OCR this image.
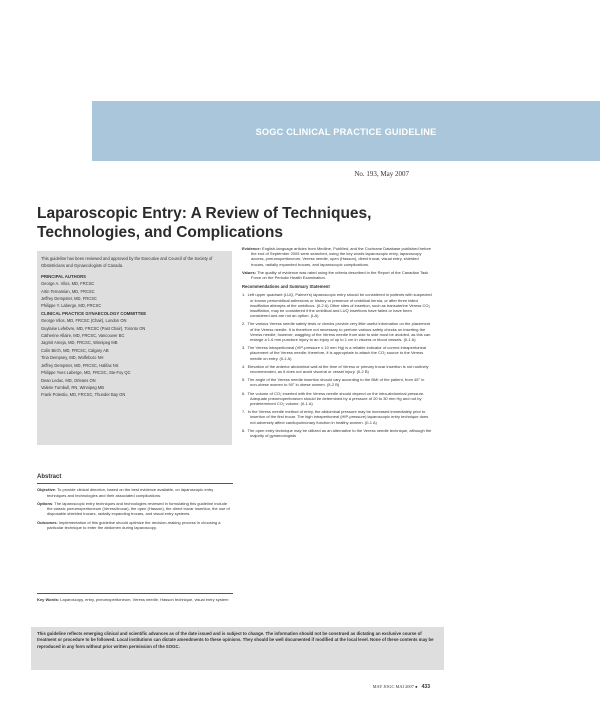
SOGC CLINICAL PRACTICE GUIDELINE
No. 193, May 2007
Laparoscopic Entry: A Review of Techniques, Technologies, and Complications
This guideline has been reviewed and approved by the Executive and Council of the Society of Obstetricians and Gynaecologists of Canada.
PRINCIPAL AUTHORS
George A. Vilos, MD, FRCSC
Artin Ternamian, MD, FRCSC
Jeffrey Dempster, MD, FRCSC
Philippe Y. Laberge, MD, FRCSC
CLINICAL PRACTICE GYNAECOLOGY COMMITTEE
George Vilos, MD, FRCSC (Chair), London ON
Guylaine Lefebvre, MD, FRCSC (Past Chair), Toronto ON
Catherine Allaire, MD, FRCSC, Vancouver BC
Jagmit Arneja, MD, FRCSC, Winnipeg MB
Colin Birch, MD, FRCSC, Calgary AB
Tina Dempsey, MD, Wolfeboro NH
Jeffrey Dempster, MD, FRCSC, Halifax NS
Philippe Yves Laberge, MD, FRCSC, Ste-Foy QC
Dean Leduc, MD, Orleans ON
Valerie Turnbull, RN, Winnipeg MB
Frank Potestio, MD, FRCSC, Thunder Bay ON
Abstract
Objective: To provide clinical direction, based on the best evidence available, on laparoscopic entry techniques and technologies and their associated complications.
Options: The laparoscopic entry techniques and technologies reviewed in formulating this guideline include the classic pneumoperitoneum (Veress/trocar), the open (Hasson), the direct trocar insertion, the use of disposable shielded trocars, radially expanding trocars, and visual entry systems.
Outcomes: Implementation of this guideline should optimize the decision-making process in choosing a particular technique to enter the abdomen during laparoscopy.
Key Words: Laparoscopy, entry, pneumoperitoneum, Veress needle, Hasson technique, visual entry system
Evidence: English-language articles from Medline, PubMed, and the Cochrane Database published before the end of September 2005 were searched, using the key words laparoscopic entry, laparoscopy access, pneumoperitoneum, Veress needle, open (Hasson), direct trocar, visual entry, shielded trocars, radially expanded trocars, and laparoscopic complications.
Values: The quality of evidence was rated using the criteria described in the Report of the Canadian Task Force on the Periodic Health Examination.
Recommendations and Summary Statement
1.  Left upper quadrant (LUQ, Palmer's) laparoscopic entry should be considered in patients with suspected or known periumbilical adhesions or history or presence of umbilical hernia, or after three failed insufflation attempts at the umbilicus. (II-2 A) Other sites of insertion, such as transuterine Veress CO₂ insufflation, may be considered if the umbilical and LUQ insertions have failed or have been considered and are not an option. (I-A)
2.  The various Veress needle safety tests or checks provide very little useful information on the placement of the Veress needle. It is therefore not necessary to perform various safety checks on inserting the Veress needle; however, waggling of the Veress needle from side to side must be avoided, as this can enlarge a 1.6 mm puncture injury to an injury of up to 1 cm in viscera or blood vessels. (II-1 A)
3.  The Veress intraperitoneal (VIP-pressure ≤ 10 mm Hg) is a reliable indicator of correct intraperitoneal placement of the Veress needle; therefore, it is appropriate to attach the CO₂ source to the Veress needle on entry. (II-1 A)
4.  Elevation of the anterior abdominal wall at the time of Veress or primary trocar insertion is not routinely recommended, as it does not avoid visceral or vessel injury. (II-2 B)
5.  The angle of the Veress needle insertion should vary according to the BMI of the patient, from 45° in non-obese women to 90° in obese women. (II-2 B)
6.  The volume of CO₂ inserted with the Veress needle should depend on the intra-abdominal pressure. Adequate pneumoperitoneum should be determined by a pressure of 20 to 30 mm Hg and not by predetermined CO₂ volume. (II-1 A)
7.  In the Veress needle method of entry, the abdominal pressure may be increased immediately prior to insertion of the first trocar. The high intraperitoneal (HIP-pressure) laparoscopic entry technique does not adversely affect cardiopulmonary function in healthy women. (II-1 A)
8.  The open entry technique may be utilized as an alternative to the Veress needle technique, although the majority of gynaecologists
This guideline reflects emerging clinical and scientific advances as of the date issued and is subject to change. The information should not be construed as dictating an exclusive course of treatment or procedure to be followed. Local institutions can dictate amendments to these opinions. They should be well documented if modified at the local level. None of these contents may be reproduced in any form without prior written permission of the SOGC.
MAY JOGC MAI 2007 ● 433
